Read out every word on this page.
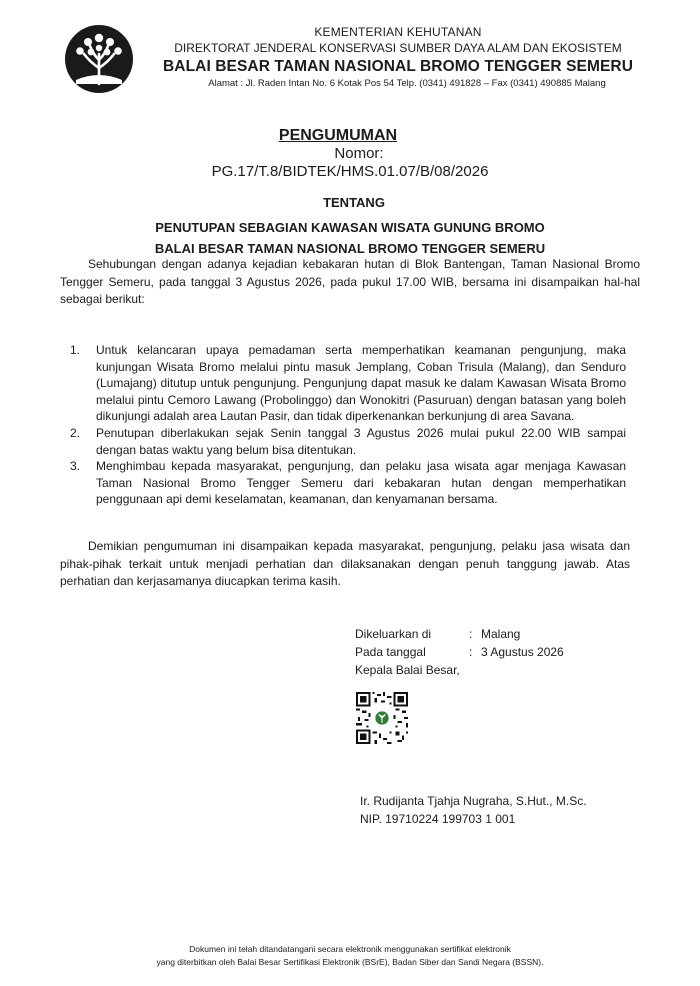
KEMENTERIAN KEHUTANAN
DIREKTORAT JENDERAL KONSERVASI SUMBER DAYA ALAM DAN EKOSISTEM
BALAI BESAR TAMAN NASIONAL BROMO TENGGER SEMERU
Alamat : Jl. Raden Intan No. 6 Kotak Pos 54 Telp. (0341) 491828 – Fax (0341) 490885 Malang
PENGUMUMAN
Nomor:
PG.17/T.8/BIDTEK/HMS.01.07/B/08/2026
TENTANG
PENUTUPAN SEBAGIAN KAWASAN WISATA GUNUNG BROMO
BALAI BESAR TAMAN NASIONAL BROMO TENGGER SEMERU
Sehubungan dengan adanya kejadian kebakaran hutan di Blok Bantengan, Taman Nasional Bromo Tengger Semeru, pada tanggal 3 Agustus 2026, pada pukul 17.00 WIB, bersama ini disampaikan hal-hal sebagai berikut:
1. Untuk kelancaran upaya pemadaman serta memperhatikan keamanan pengunjung, maka kunjungan Wisata Bromo melalui pintu masuk Jemplang, Coban Trisula (Malang), dan Senduro (Lumajang) ditutup untuk pengunjung. Pengunjung dapat masuk ke dalam Kawasan Wisata Bromo melalui pintu Cemoro Lawang (Probolinggo) dan Wonokitri (Pasuruan) dengan batasan yang boleh dikunjungi adalah area Lautan Pasir, dan tidak diperkenankan berkunjung di area Savana.
2. Penutupan diberlakukan sejak Senin tanggal 3 Agustus 2026 mulai pukul 22.00 WIB sampai dengan batas waktu yang belum bisa ditentukan.
3. Menghimbau kepada masyarakat, pengunjung, dan pelaku jasa wisata agar menjaga Kawasan Taman Nasional Bromo Tengger Semeru dari kebakaran hutan dengan memperhatikan penggunaan api demi keselamatan, keamanan, dan kenyamanan bersama.
Demikian pengumuman ini disampaikan kepada masyarakat, pengunjung, pelaku jasa wisata dan pihak-pihak terkait untuk menjadi perhatian dan dilaksanakan dengan penuh tanggung jawab. Atas perhatian dan kerjasamanya diucapkan terima kasih.
Dikeluarkan di	: Malang
Pada tanggal	: 3 Agustus 2026
Kepala Balai Besar,
Ir. Rudijanta Tjahja Nugraha, S.Hut., M.Sc.
NIP. 19710224 199703 1 001
Dokumen ini telah ditandatangani secara elektronik menggunakan sertifikat elektronik
yang diterbitkan oleh Balai Besar Sertifikasi Elektronik (BSrE), Badan Siber dan Sandi Negara (BSSN).
